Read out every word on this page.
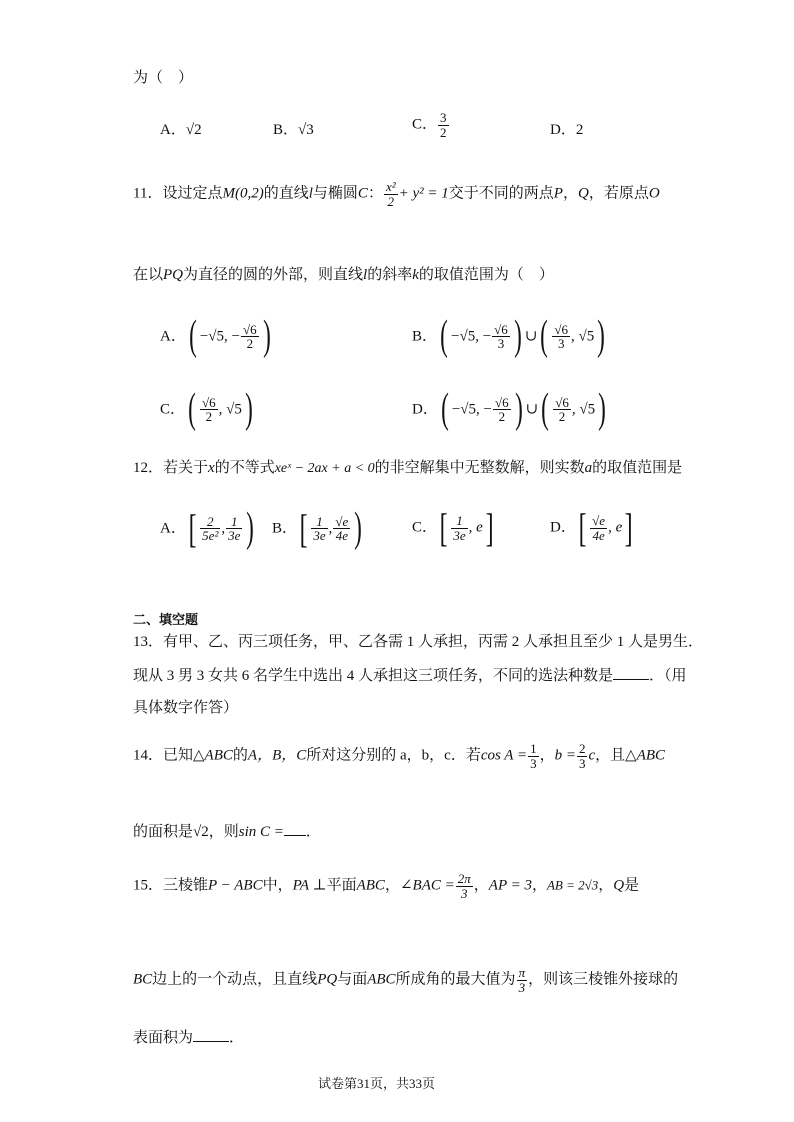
为（　）
A．√2	B．√3	C． $\frac{3}{2}$	D．2
11．设过定点M(0,2)的直线l与椭圆C： $\frac{\text{x²}}{2} + y^2 = 1$交于不同的两点P，Q，若原点O
在以PQ为直径的圆的外部，则直线l的斜率k的取值范围为（　）
A．( −√5, − $\frac{√6}{2}$ )	B．( −√5, − $\frac{√6}{3}$ ) ∪( $\frac{√6}{3}$ , √5)
C．( $\frac{√6}{2}$ , √5)	D．( −√5, − $\frac{√6}{2}$ ) ∪( $\frac{√6}{2}$ , √5)
12．若关于x的不等式xeˣ − 2ax + a < 0的非空解集中无整数解，则实数a的取值范围是
A．[ $\frac{2}{\text{5e²}}$ , $\frac{1}{3e}$ ) B．[ $\frac{1}{3e}$ , $\frac{√e}{4e}$ )	C．[ $\frac{1}{3e}$ , e]	D．[ $\frac{√e}{4e}$ , e]
二、填空题
13．有甲、乙、丙三项任务，甲、乙各需 1 人承担，丙需 2 人承担且至少 1 人是男生．
现从 3 男 3 女共 6 名学生中选出 4 人承担这三项任务，不同的选法种数是 ．（用
具体数字作答）
14．已知△ABC的A，B，C所对这分别的 a，b，c．若$\cos A = \frac{1}{3}$ ，$b = \frac{2}{3}$ c，且△ABC
的面积是√2，则sin C = ．
15．三棱锥P − ABC中，PA ⊥平面ABC，∠BAC = $\frac{2\pi}{3}$ ，AP = 3，AB = 2√3，Q是
BC边上的一个动点，且直线PQ与面ABC所成角的最大值为 $\frac{\pi}{3}$ ，则该三棱锥外接球的
表面积为 ．
试卷第31页，共33页
